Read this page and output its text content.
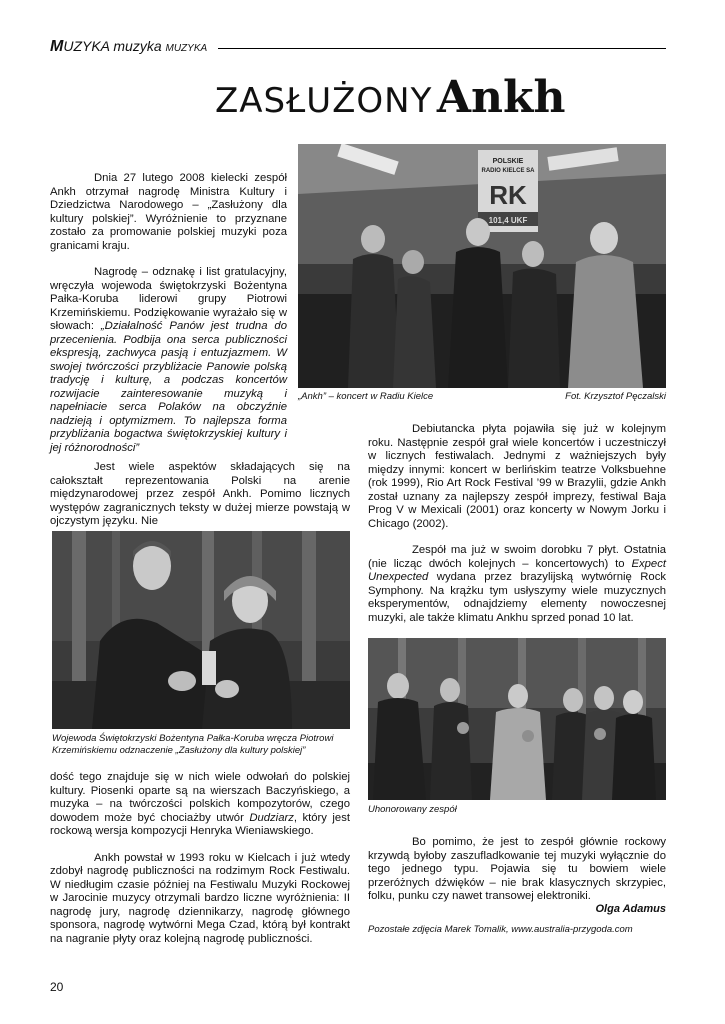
MUZYKA muzyka MUZYKA
ZASŁUŻONY Ankh

Dnia 27 lutego 2008 kielecki zespół Ankh otrzymał nagrodę Ministra Kultury i Dziedzictwa Narodowego – „Zasłużony dla kultury polskiej”. Wyróżnienie to przyznane zostało za promowanie polskiej muzyki poza granicami kraju.

Nagrodę – odznakę i list gratulacyjny, wręczyła wojewoda świętokrzyski Bożentyna Pałka-Koruba liderowi grupy Piotrowi Krzemińskiemu. Podziękowanie wyrażało się w słowach: „Działalność Panów jest trudna do przecenienia. Podbija ona serca publiczności ekspresją, zachwyca pasją i entuzjazmem. W swojej twórczości przybliżacie Panowie polską tradycję i kulturę, a podczas koncertów rozwijacie zainteresowanie muzyką i napełniacie serca Polaków na obczyźnie nadzieją i optymizmem. To najlepsza forma przybliżania bogactwa świętokrzyskiej kultury i jej różnorodności”

Jest wiele aspektów składających się na całokształt reprezentowania Polski na arenie międzynarodowej przez zespół Ankh. Pomimo licznych występów zagranicznych teksty w dużej mierze powstają w ojczystym języku. Nie

Wojewoda Świętokrzyski Bożentyna Pałka-Koruba wręcza Piotrowi Krzemińskiemu odznaczenie „Zasłużony dla kultury polskiej”

dość tego znajduje się w nich wiele odwołań do polskiej kultury. Piosenki oparte są na wierszach Baczyńskiego, a muzyka – na twórczości polskich kompozytorów, czego dowodem może być chociażby utwór Dudziarz, który jest rockową wersja kompozycji Henryka Wieniawskiego.

Ankh powstał w 1993 roku w Kielcach i już wtedy zdobył nagrodę publiczności na rodzimym Rock Festiwalu. W niedługim czasie później na Festiwalu Muzyki Rockowej w Jarocinie muzycy otrzymali bardzo liczne wyróżnienia: II nagrodę jury, nagrodę dziennikarzy, nagrodę głównego sponsora, nagrodę wytwórni Mega Czad, którą był kontrakt na nagranie płyty oraz kolejną nagrodę publiczności.

POLSKIE
RADIO KIELCE SA
RK
101,4 UKF
„Ankh” – koncert w Radiu Kielce	Fot. Krzysztof Pęczalski

Debiutancka płyta pojawiła się już w kolejnym roku. Następnie zespół grał wiele koncertów i uczestniczył w licznych festiwalach. Jednymi z ważniejszych były między innymi: koncert w berlińskim teatrze Volksbuehne (rok 1999), Rio Art Rock Festival ’99 w Brazylii, gdzie Ankh został uznany za najlepszy zespół imprezy, festiwal Baja Prog V w Mexicali (2001) oraz koncerty w Nowym Jorku i Chicago (2002).

Zespół ma już w swoim dorobku 7 płyt. Ostatnia (nie licząc dwóch kolejnych – koncertowych) to Expect Unexpected wydana przez brazylijską wytwórnię Rock Symphony. Na krążku tym usłyszymy wiele muzycznych eksperymentów, odnajdziemy elementy nowoczesnej muzyki, ale także klimatu Ankhu sprzed ponad 10 lat.

Uhonorowany zespół

Bo pomimo, że jest to zespół głównie rockowy krzywdą byłoby zaszufladkowanie tej muzyki wyłącznie do tego jednego typu. Pojawia się tu bowiem wiele przeróżnych dźwięków – nie brak klasycznych skrzypiec, folku, punku czy nawet transowej elektroniki.

Olga Adamus

Pozostałe zdjęcia Marek Tomalik, www.australia-przygoda.com

20
